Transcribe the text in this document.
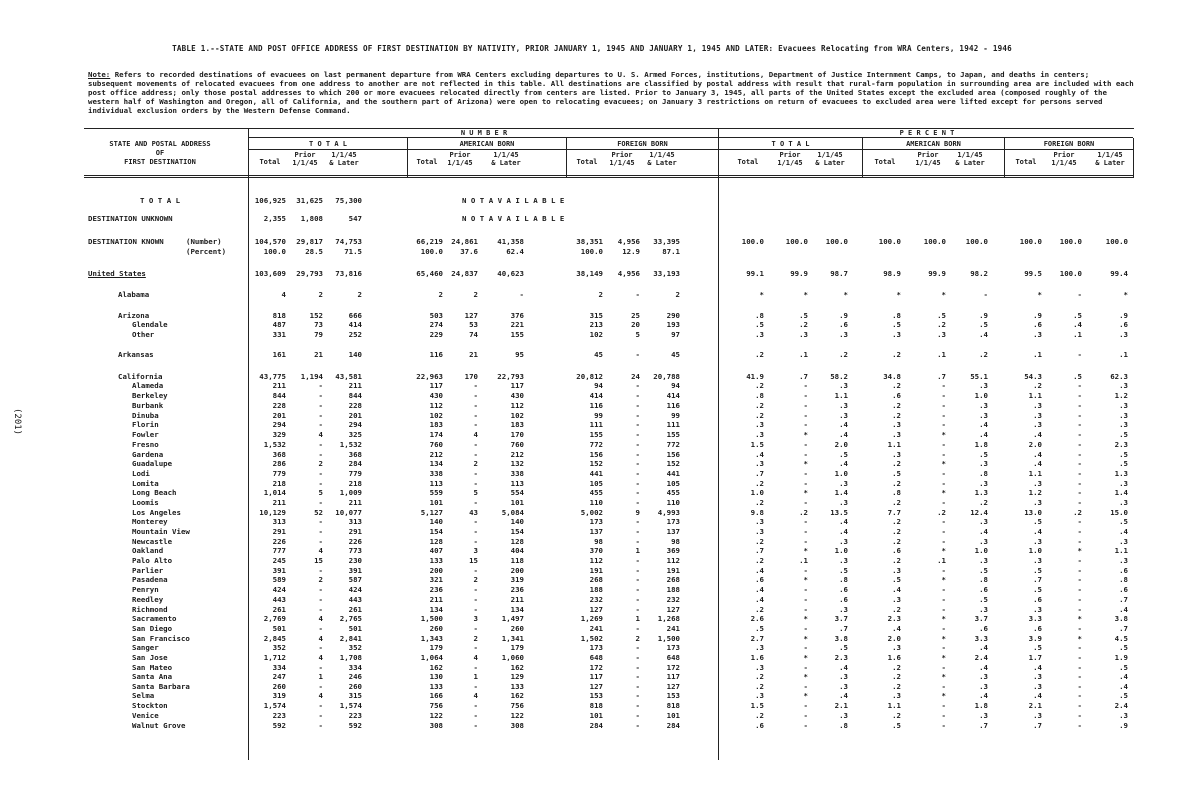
TABLE 1.--STATE AND POST OFFICE ADDRESS OF FIRST DESTINATION BY NATIVITY, PRIOR JANUARY 1, 1945 AND JANUARY 1, 1945 AND LATER: Evacuees Relocating from WRA Centers, 1942 - 1946
Note: Refers to recorded destinations of evacuees on last permanent departure from WRA Centers excluding departures to U. S. Armed Forces, institutions, Department of Justice Internment Camps, to Japan, and deaths in centers; subsequent movements of relocated evacuees from one address to another are not reflected in this table. All destinations are classified by postal address with result that rural-farm population in surrounding area are included with each post office address; only those postal addresses to which 200 or more evacuees relocated directly from centers are listed. Prior to January 3, 1945, all parts of the United States except the excluded area (composed roughly of the western half of Washington and Oregon, all of California, and the southern part of Arizona) were open to relocating evacuees; on January 3 restrictions on return of evacuees to excluded area were lifted except for persons served individual exclusion orders by the Western Defense Command.
(201)
STATE AND POSTAL ADDRESS
OF
FIRST DESTINATION
N U M B E R	P E R C E N T
T O T A L	AMERICAN BORN	FOREIGN BORN	T O T A L	AMERICAN BORN	FOREIGN BORN
Total
Prior
1/1/45
1/1/45
& Later	Total
Prior
1/1/45
1/1/45
& Later	Total
Prior
1/1/45
1/1/45
& Later	Total
Prior
1/1/45
1/1/45
& Later	Total
Prior
1/1/45
1/1/45
& Later	Total
Prior
1/1/45
1/1/45
& Later
T O T A L	106,925	31,625	75,300
DESTINATION UNKNOWN	2,355	1,808	547
DESTINATION KNOWN	(Number)	104,570	29,817	74,753	66,219	24,861	41,358	38,351	4,956	33,395	100.0	100.0	100.0	100.0	100.0	100.0	100.0	100.0	100.0
(Percent)	100.0	28.5	71.5	100.0	37.6	62.4	100.0	12.9	87.1
United States	103,609	29,793	73,816	65,460	24,837	40,623	38,149	4,956	33,193	99.1	99.9	98.7	98.9	99.9	98.2	99.5	100.0	99.4
Alabama	4	2	2	2	2	-	2	-	2	*	*	*	*	*	-	*	-	*
Arizona	818	152	666	503	127	376	315	25	290	.8	.5	.9	.8	.5	.9	.9	.5	.9
Glendale	487	73	414	274	53	221	213	20	193	.5	.2	.6	.5	.2	.5	.6	.4	.6
Other	331	79	252	229	74	155	102	5	97	.3	.3	.3	.3	.3	.4	.3	.1	.3
Arkansas	161	21	140	116	21	95	45	-	45	.2	.1	.2	.2	.1	.2	.1	-	.1
California	43,775	1,194	43,581	22,963	170	22,793	20,812	24	20,788	41.9	.7	58.2	34.8	.7	55.1	54.3	.5	62.3
Alameda	211	-	211	117	-	117	94	-	94	.2	-	.3	.2	-	.3	.2	-	.3
Berkeley	844	-	844	430	-	430	414	-	414	.8	-	1.1	.6	-	1.0	1.1	-	1.2
Burbank	228	-	228	112	-	112	116	-	116	.2	-	.3	.2	-	.3	.3	-	.3
Dinuba	201	-	201	102	-	102	99	-	99	.2	-	.3	.2	-	.3	.3	-	.3
Florin	294	-	294	183	-	183	111	-	111	.3	-	.4	.3	-	.4	.3	-	.3
Fowler	329	4	325	174	4	170	155	-	155	.3	*	.4	.3	*	.4	.4	-	.5
Fresno	1,532	-	1,532	760	-	760	772	-	772	1.5	-	2.0	1.1	-	1.8	2.0	-	2.3
Gardena	368	-	368	212	-	212	156	-	156	.4	-	.5	.3	-	.5	.4	-	.5
Guadalupe	286	2	284	134	2	132	152	-	152	.3	*	.4	.2	*	.3	.4	-	.5
Lodi	779	-	779	338	-	338	441	-	441	.7	-	1.0	.5	-	.8	1.1	-	1.3
Lomita	218	-	218	113	-	113	105	-	105	.2	-	.3	.2	-	.3	.3	-	.3
Long Beach	1,014	5	1,009	559	5	554	455	-	455	1.0	*	1.4	.8	*	1.3	1.2	-	1.4
Loomis	211	-	211	101	-	101	110	-	110	.2	-	.3	.2	-	.2	.3	-	.3
Los Angeles	10,129	52	10,077	5,127	43	5,084	5,002	9	4,993	9.8	.2	13.5	7.7	.2	12.4	13.0	.2	15.0
Monterey	313	-	313	140	-	140	173	-	173	.3	-	.4	.2	-	.3	.5	-	.5
Mountain View	291	-	291	154	-	154	137	-	137	.3	-	.4	.2	-	.4	.4	-	.4
Newcastle	226	-	226	128	-	128	98	-	98	.2	-	.3	.2	-	.3	.3	-	.3
Oakland	777	4	773	407	3	404	370	1	369	.7	*	1.0	.6	*	1.0	1.0	*	1.1
Palo Alto	245	15	230	133	15	118	112	-	112	.2	.1	.3	.2	.1	.3	.3	-	.3
Parlier	391	-	391	200	-	200	191	-	191	.4	-	.5	.3	-	.5	.5	-	.6
Pasadena	589	2	587	321	2	319	268	-	268	.6	*	.8	.5	*	.8	.7	-	.8
Penryn	424	-	424	236	-	236	188	-	188	.4	-	.6	.4	-	.6	.5	-	.6
Reedley	443	-	443	211	-	211	232	-	232	.4	-	.6	.3	-	.5	.6	-	.7
Richmond	261	-	261	134	-	134	127	-	127	.2	-	.3	.2	-	.3	.3	-	.4
Sacramento	2,769	4	2,765	1,500	3	1,497	1,269	1	1,268	2.6	*	3.7	2.3	*	3.7	3.3	*	3.8
San Diego	501	-	501	260	-	260	241	-	241	.5	-	.7	.4	-	.6	.6	-	.7
San Francisco	2,845	4	2,841	1,343	2	1,341	1,502	2	1,500	2.7	*	3.8	2.0	*	3.3	3.9	*	4.5
Sanger	352	-	352	179	-	179	173	-	173	.3	-	.5	.3	-	.4	.5	-	.5
San Jose	1,712	4	1,708	1,064	4	1,060	648	-	648	1.6	*	2.3	1.6	*	2.4	1.7	-	1.9
San Mateo	334	-	334	162	-	162	172	-	172	.3	-	.4	.2	-	.4	.4	-	.5
Santa Ana	247	1	246	130	1	129	117	-	117	.2	*	.3	.2	*	.3	.3	-	.4
Santa Barbara	260	-	260	133	-	133	127	-	127	.2	-	.3	.2	-	.3	.3	-	.4
Selma	319	4	315	166	4	162	153	-	153	.3	*	.4	.3	*	.4	.4	-	.5
Stockton	1,574	-	1,574	756	-	756	818	-	818	1.5	-	2.1	1.1	-	1.8	2.1	-	2.4
Venice	223	-	223	122	-	122	101	-	101	.2	-	.3	.2	-	.3	.3	-	.3
Walnut Grove	592	-	592	308	-	308	284	-	284	.6	-	.8	.5	-	.7	.7	-	.9
N O T A V A I L A B L E
N O T A V A I L A B L E
